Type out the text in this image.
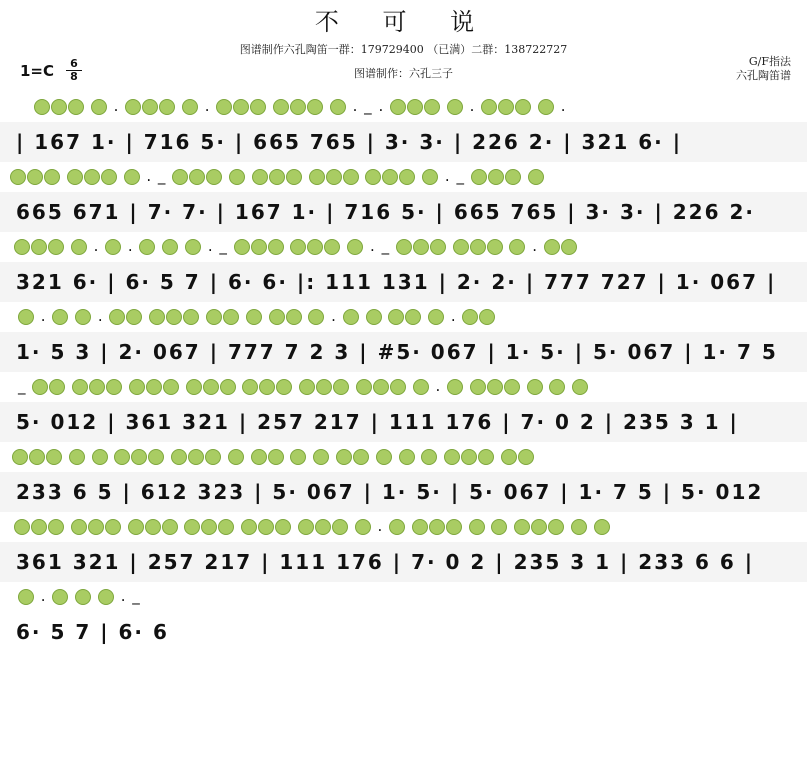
不 可 说
图谱制作六孔陶笛一群：179729400 （已满）二群：138722727
图谱制作：六孔三子
1=C	6
8
G/F指法
六孔陶笛谱
.	.	. _ .	.	.
| 167 1· | 716 5· | 665 765 | 3· 3· | 226 2· | 321 6· |
. _	. _
665 671 | 7· 7· | 167 1· | 716 5· | 665 765 | 3· 3· | 226 2·
. .	. _	. _	.
321 6· | 6· 5 7 | 6· 6· |: 111 131 | 2· 2· | 777 727 | 1· 067 |
.	.	.	.
1· 5 3 | 2· 067 | 777 7 2 3 | #5· 067 | 1· 5· | 5· 067 | 1· 7 5
_	.
5· 012 | 361 321 | 257 217 | 111 176 | 7· 0 2 | 235 3 1 |

233 6 5 | 612 323 | 5· 067 | 1· 5· | 5· 067 | 1· 7 5 | 5· 012
.
361 321 | 257 217 | 111 176 | 7· 0 2 | 235 3 1 | 233 6 6 |
.	. _
6· 5 7 | 6· 6
